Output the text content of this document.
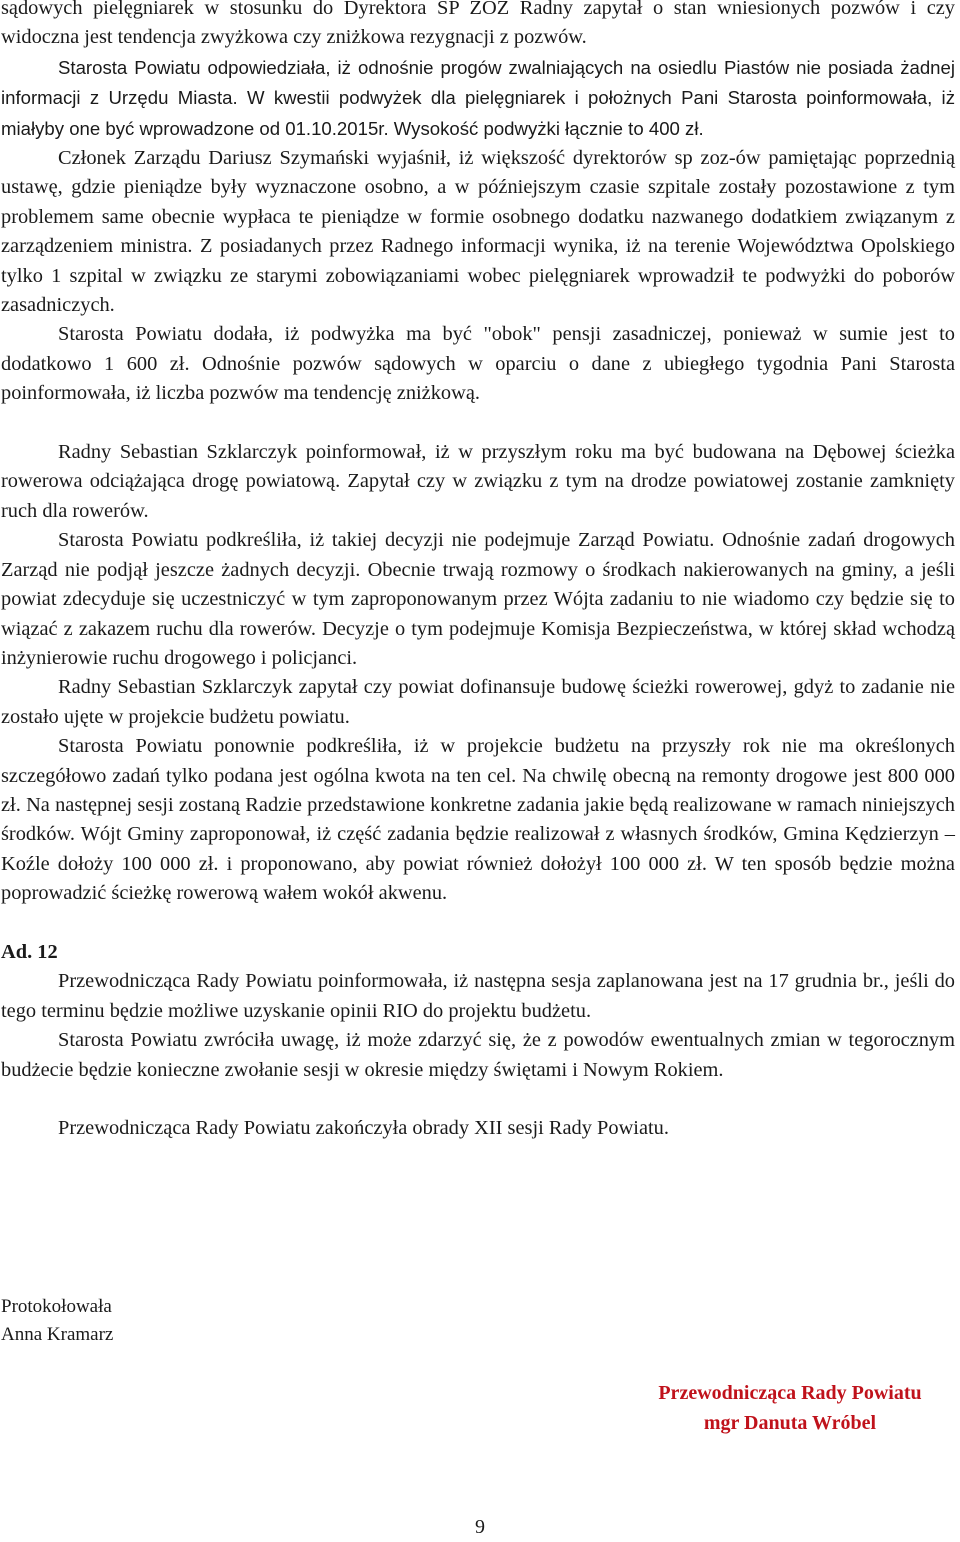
sądowych pielęgniarek w stosunku do Dyrektora SP ZOZ Radny zapytał o stan wniesionych pozwów i czy widoczna jest tendencja zwyżkowa czy zniżkowa rezygnacji z pozwów.

Starosta Powiatu odpowiedziała, iż odnośnie progów zwalniających na osiedlu Piastów nie posiada żadnej informacji z Urzędu Miasta. W kwestii podwyżek dla pielęgniarek i położnych Pani Starosta poinformowała, iż miałyby one być wprowadzone od 01.10.2015r. Wysokość podwyżki łącznie to 400 zł.

Członek Zarządu Dariusz Szymański wyjaśnił, iż większość dyrektorów sp zoz-ów pamiętając poprzednią ustawę, gdzie pieniądze były wyznaczone osobno, a w późniejszym czasie szpitale zostały pozostawione z tym problemem same obecnie wypłaca te pieniądze w formie osobnego dodatku nazwanego dodatkiem związanym z zarządzeniem ministra. Z posiadanych przez Radnego informacji wynika, iż na terenie Województwa Opolskiego tylko 1 szpital w związku ze starymi zobowiązaniami wobec pielęgniarek wprowadził te podwyżki do poborów zasadniczych.

Starosta Powiatu dodała, iż podwyżka ma być "obok" pensji zasadniczej, ponieważ w sumie jest to dodatkowo 1 600 zł. Odnośnie pozwów sądowych w oparciu o dane z ubiegłego tygodnia Pani Starosta poinformowała, iż liczba pozwów ma tendencję zniżkową.

Radny Sebastian Szklarczyk poinformował, iż w przyszłym roku ma być budowana na Dębowej ścieżka rowerowa odciążająca drogę powiatową. Zapytał czy w związku z tym na drodze powiatowej zostanie zamknięty ruch dla rowerów.

Starosta Powiatu podkreśliła, iż takiej decyzji nie podejmuje Zarząd Powiatu. Odnośnie zadań drogowych Zarząd nie podjął jeszcze żadnych decyzji. Obecnie trwają rozmowy o środkach nakierowanych na gminy, a jeśli powiat zdecyduje się uczestniczyć w tym zaproponowanym przez Wójta zadaniu to nie wiadomo czy będzie się to wiązać z zakazem ruchu dla rowerów. Decyzje o tym podejmuje Komisja Bezpieczeństwa, w której skład wchodzą inżynierowie ruchu drogowego i policjanci.

Radny Sebastian Szklarczyk zapytał czy powiat dofinansuje budowę ścieżki rowerowej, gdyż to zadanie nie zostało ujęte w projekcie budżetu powiatu.

Starosta Powiatu ponownie podkreśliła, iż w projekcie budżetu na przyszły rok nie ma określonych szczegółowo zadań tylko podana jest ogólna kwota na ten cel. Na chwilę obecną na remonty drogowe jest 800 000 zł. Na następnej sesji zostaną Radzie przedstawione konkretne zadania jakie będą realizowane w ramach niniejszych środków. Wójt Gminy zaproponował, iż część zadania będzie realizował z własnych środków, Gmina Kędzierzyn – Koźle dołoży 100 000 zł. i proponowano, aby powiat również dołożył 100 000 zł. W ten sposób będzie można poprowadzić ścieżkę rowerową wałem wokół akwenu.

Ad. 12

Przewodnicząca Rady Powiatu poinformowała, iż następna sesja zaplanowana jest na 17 grudnia br., jeśli do tego terminu będzie możliwe uzyskanie opinii RIO do projektu budżetu.

Starosta Powiatu zwróciła uwagę, iż może zdarzyć się, że z powodów ewentualnych zmian w tegorocznym budżecie będzie konieczne zwołanie sesji w okresie między świętami i Nowym Rokiem.

Przewodnicząca Rady Powiatu zakończyła obrady XII sesji Rady Powiatu.

Protokołowała
Anna Kramarz
Przewodnicząca Rady Powiatu
mgr Danuta Wróbel
9
